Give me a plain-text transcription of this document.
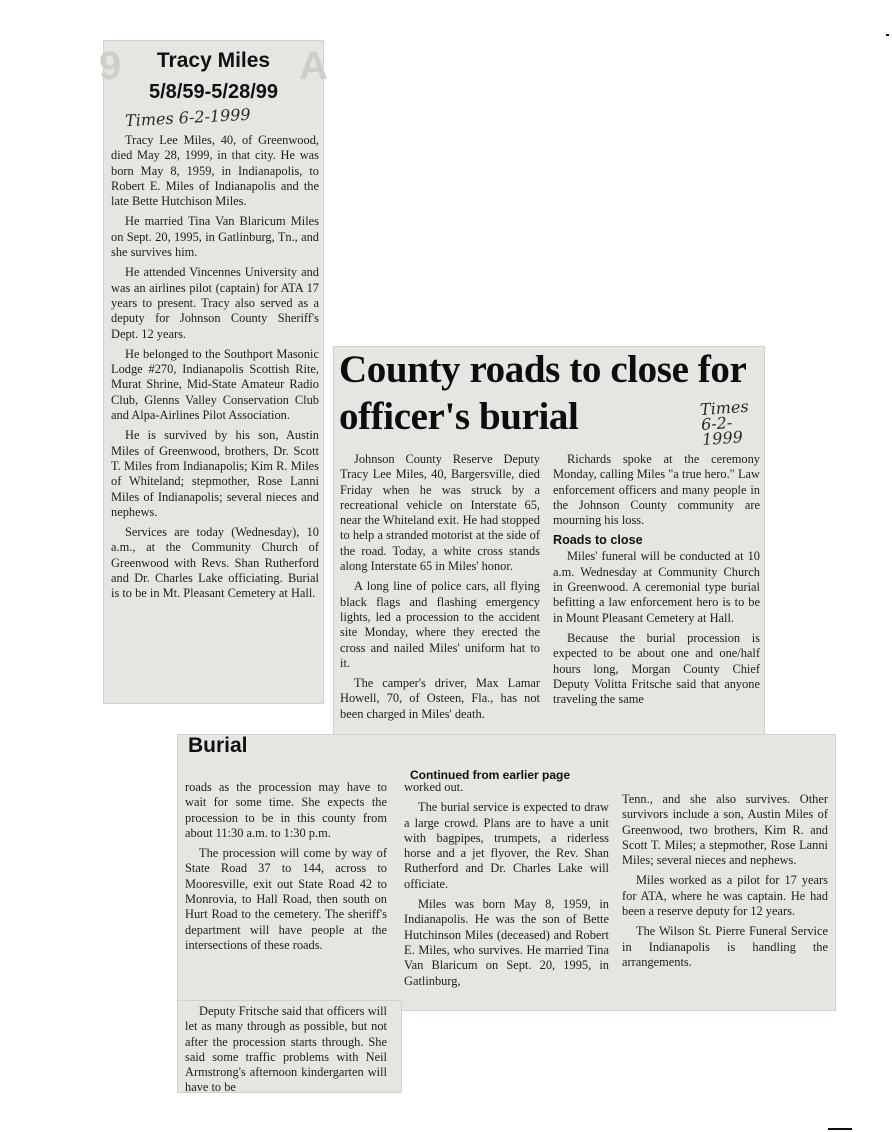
9	A
Tracy Miles
5/8/59-5/28/99
Times 6-2-1999

Tracy Lee Miles, 40, of Greenwood, died May 28, 1999, in that city. He was born May 8, 1959, in Indianapolis, to Robert E. Miles of Indianapolis and the late Bette Hutchison Miles.

He married Tina Van Blaricum Miles on Sept. 20, 1995, in Gatlinburg, Tn., and she survives him.

He attended Vincennes University and was an airlines pilot (captain) for ATA 17 years to present. Tracy also served as a deputy for Johnson County Sheriff's Dept. 12 years.

He belonged to the Southport Masonic Lodge #270, Indianapolis Scottish Rite, Murat Shrine, Mid-State Amateur Radio Club, Glenns Valley Conservation Club and Alpa-Airlines Pilot Association.

He is survived by his son, Austin Miles of Greenwood, brothers, Dr. Scott T. Miles from Indianapolis; Kim R. Miles of Whiteland; stepmother, Rose Lanni Miles of Indianapolis; several nieces and nephews.

Services are today (Wednesday), 10 a.m., at the Community Church of Greenwood with Revs. Shan Rutherford and Dr. Charles Lake officiating. Burial is to be in Mt. Pleasant Cemetery at Hall.

County roads to close for officer's burial	Times 6-2-1999

Johnson County Reserve Deputy Tracy Lee Miles, 40, Bargersville, died Friday when he was struck by a recreational vehicle on Interstate 65, near the Whiteland exit. He had stopped to help a stranded motorist at the side of the road. Today, a white cross stands along Interstate 65 in Miles' honor.

A long line of police cars, all flying black flags and flashing emergency lights, led a procession to the accident site Monday, where they erected the cross and nailed Miles' uniform hat to it.

The camper's driver, Max Lamar Howell, 70, of Osteen, Fla., has not been charged in Miles' death.

Richards spoke at the ceremony Monday, calling Miles "a true hero." Law enforcement officers and many people in the Johnson County community are mourning his loss.

Roads to close

Miles' funeral will be conducted at 10 a.m. Wednesday at Community Church in Greenwood. A ceremonial type burial befitting a law enforcement hero is to be in Mount Pleasant Cemetery at Hall.

Because the burial procession is expected to be about one and one/half hours long, Morgan County Chief Deputy Volitta Fritsche said that anyone traveling the same

Burial

Continued from earlier page

roads as the procession may have to wait for some time. She expects the procession to be in this county from about 11:30 a.m. to 1:30 p.m.

The procession will come by way of State Road 37 to 144, across to Mooresville, exit out State Road 42 to Monrovia, to Hall Road, then south on Hurt Road to the cemetery. The sheriff's department will have people at the intersections of these roads.

worked out.

The burial service is expected to draw a large crowd. Plans are to have a unit with bagpipes, trumpets, a riderless horse and a jet flyover, the Rev. Shan Rutherford and Dr. Charles Lake will officiate.

Miles was born May 8, 1959, in Indianapolis. He was the son of Bette Hutchinson Miles (deceased) and Robert E. Miles, who survives. He married Tina Van Blaricum on Sept. 20, 1995, in Gatlinburg,

Tenn., and she also survives. Other survivors include a son, Austin Miles of Greenwood, two brothers, Kim R. and Scott T. Miles; a stepmother, Rose Lanni Miles; several nieces and nephews.

Miles worked as a pilot for 17 years for ATA, where he was captain. He had been a reserve deputy for 12 years.

The Wilson St. Pierre Funeral Service in Indianapolis is handling the arrangements.

Deputy Fritsche said that officers will let as many through as possible, but not after the procession starts through. She said some traffic problems with Neil Armstrong's afternoon kindergarten will have to be
